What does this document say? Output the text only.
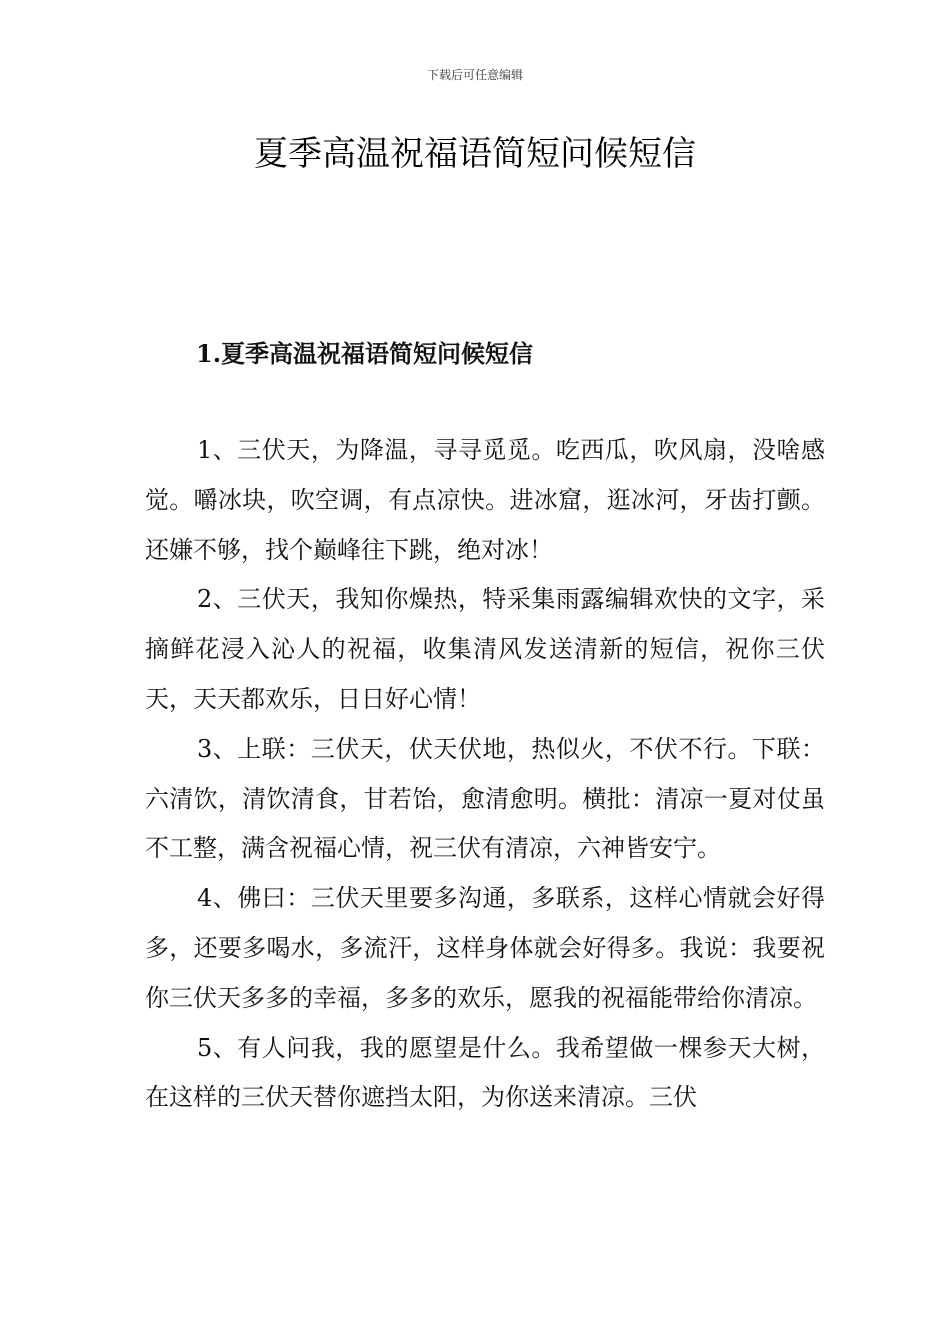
下载后可任意编辑
夏季高温祝福语简短问候短信
1.夏季高温祝福语简短问候短信

1、三伏天，为降温，寻寻觅觅。吃西瓜，吹风扇，没啥感觉。嚼冰块，吹空调，有点凉快。进冰窟，逛冰河，牙齿打颤。还嫌不够，找个巅峰往下跳，绝对冰！

2、三伏天，我知你燥热，特采集雨露编辑欢快的文字，采摘鲜花浸入沁人的祝福，收集清风发送清新的短信，祝你三伏天，天天都欢乐，日日好心情！

3、上联：三伏天，伏天伏地，热似火，不伏不行。下联：六清饮，清饮清食，甘若饴，愈清愈明。横批：清凉一夏对仗虽不工整，满含祝福心情，祝三伏有清凉，六神皆安宁。

4、佛曰：三伏天里要多沟通，多联系，这样心情就会好得多，还要多喝水，多流汗，这样身体就会好得多。我说：我要祝你三伏天多多的幸福，多多的欢乐，愿我的祝福能带给你清凉。

5、有人问我，我的愿望是什么。我希望做一棵参天大树，在这样的三伏天替你遮挡太阳，为你送来清凉。三伏
